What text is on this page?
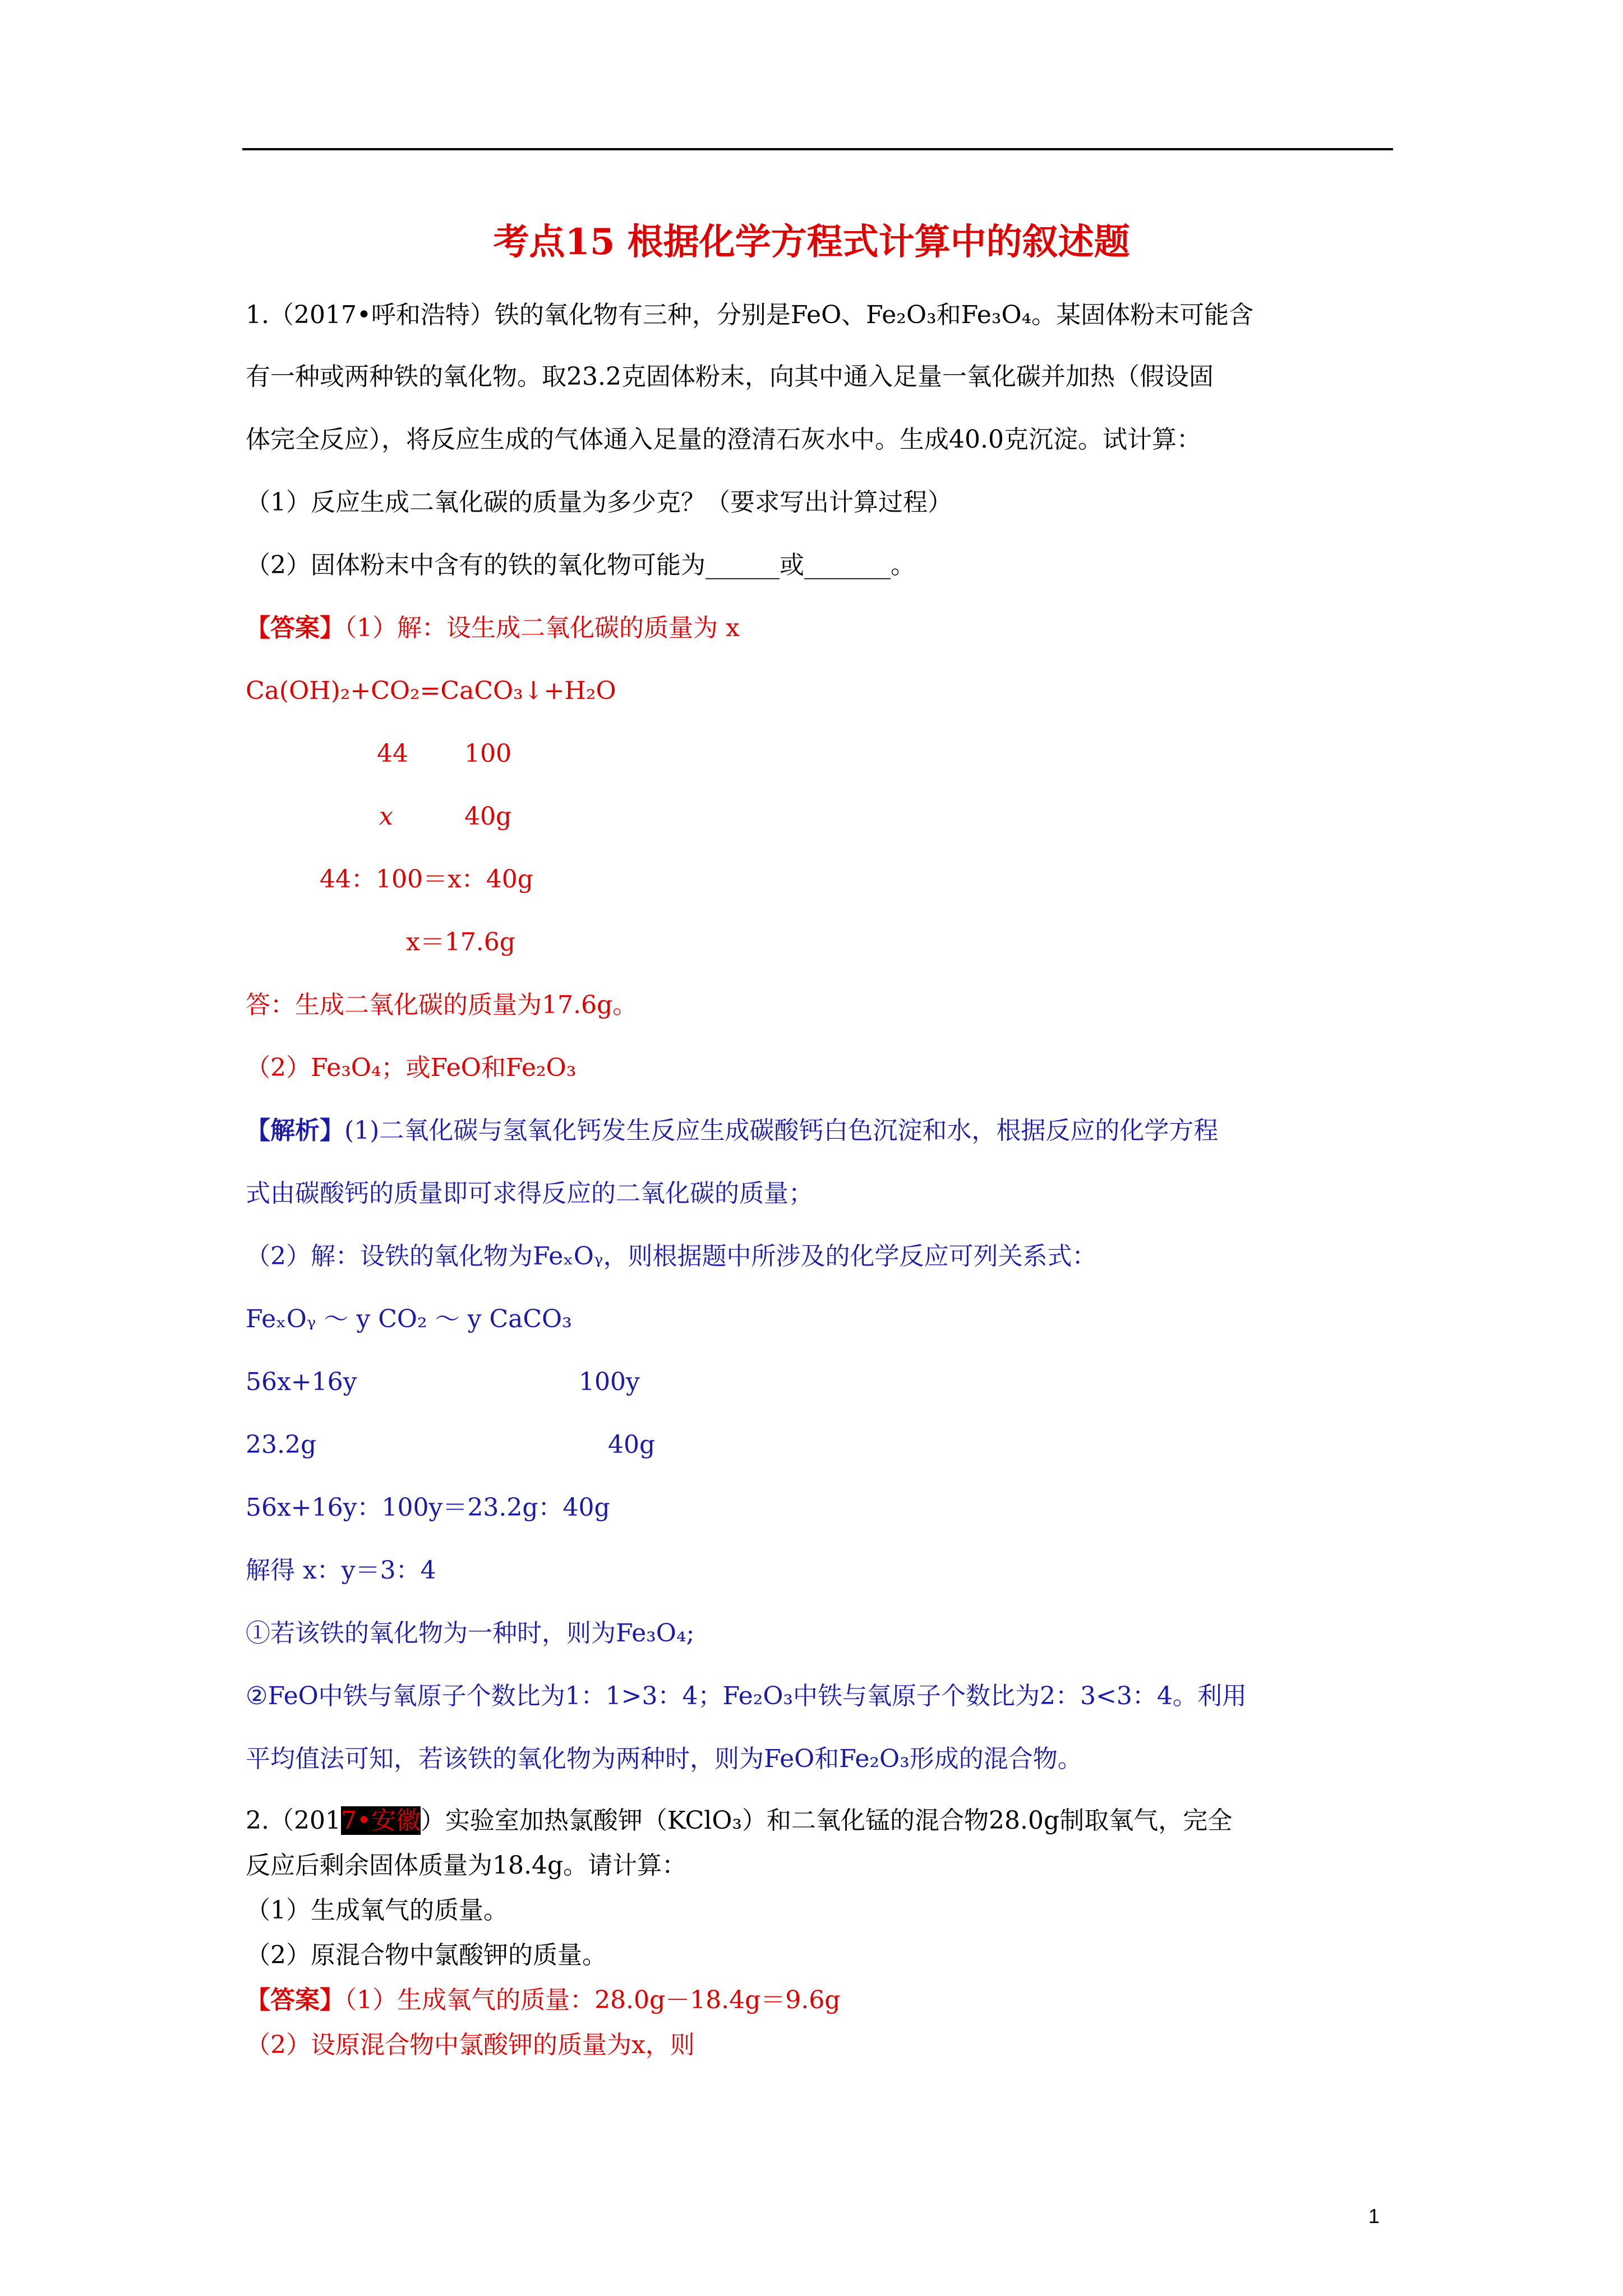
考点15 根据化学方程式计算中的叙述题
1.（2017•呼和浩特）铁的氧化物有三种，分别是FeO、Fe₂O₃和Fe₃O₄。某固体粉末可能含
有一种或两种铁的氧化物。取23.2克固体粉末，向其中通入足量一氧化碳并加热（假设固
体完全反应），将反应生成的气体通入足量的澄清石灰水中。生成40.0克沉淀。试计算：
（1）反应生成二氧化碳的质量为多少克？（要求写出计算过程）
（2）固体粉末中含有的铁的氧化物可能为______或_______。
【答案】（1）解：设生成二氧化碳的质量为 x
Ca(OH)₂+CO₂=CaCO₃↓+H₂O
44 100
x	40g
44：100＝x：40g
x＝17.6g
答：生成二氧化碳的质量为17.6g。
（2）Fe₃O₄；或FeO和Fe₂O₃
【解析】(1)二氧化碳与氢氧化钙发生反应生成碳酸钙白色沉淀和水，根据反应的化学方程
式由碳酸钙的质量即可求得反应的二氧化碳的质量；
（2）解：设铁的氧化物为FeₓOᵧ，则根据题中所涉及的化学反应可列关系式：
FeₓOᵧ ～ y CO₂ ～ y CaCO₃
56x+16y	100y
23.2g	40g
56x+16y：100y＝23.2g：40g
解得 x：y＝3：4
①若该铁的氧化物为一种时，则为Fe₃O₄;
②FeO中铁与氧原子个数比为1：1>3：4；Fe₂O₃中铁与氧原子个数比为2：3<3：4。利用
平均值法可知，若该铁的氧化物为两种时，则为FeO和Fe₂O₃形成的混合物。
2.（2017•安徽）实验室加热氯酸钾（KClO₃）和二氧化锰的混合物28.0g制取氧气，完全
反应后剩余固体质量为18.4g。请计算：
（1）生成氧气的质量。
（2）原混合物中氯酸钾的质量。
【答案】（1）生成氧气的质量：28.0g－18.4g＝9.6g
（2）设原混合物中氯酸钾的质量为x，则
1
